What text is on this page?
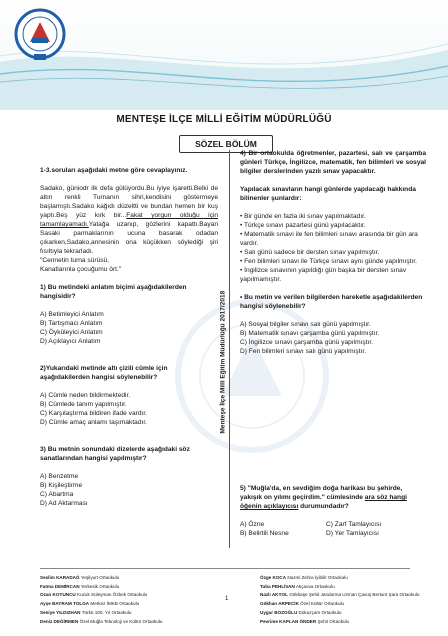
MENTEŞE İLÇE MİLLİ EĞİTİM MÜDÜRLÜĞÜ
SÖZEL BÖLÜM

1-3.soruları aşağıdaki metne göre cevaplayınız.

Sadako, güniodr ilk defa gülüyordu.Bu iyiye işaretti.Belki de altın renkli Turnanın sihri,kendisini göstermeye başlamıştı.Sadako kağıdı düzeltti ve bundan hemen bir kuş yaptı.Beş yüz kırk bir...Fakat yorgun olduğu için tamamlayamadı.Yatağa uzanıp, gözlerini kapattı.Bayan Sasaki parmaklarının ucuna basarak odadan çıkarken,Sadako,annesinin ona küçükken söylediği şiri fısıltıyla tekrarladı.

"Cennetin turna sürüsü,

Kanatlarınla çocuğumu ört."

1) Bu metindeki anlatım biçimi aşağıdakilerden hangisidir?

A) Betimleyici Anlatım
B) Tartışmacı Anlatım
C) Öyküleyici Anlatım
D) Açıklayıcı Anlatım

2)Yukarıdaki metinde altı çizili cümle için aşağıdakilerden hangisi söylenebilir?

A) Cümle neden bildirmektedir.
B) Cümlede tanım yapılmıştır.
C) Karşılaştırma bildiren ifade vardır.
D) Cümle amaç anlamı taşımaktadır.

3) Bu metnin sonundaki dizelerde aşağıdaki söz sanatlarından hangisi yapılmıştır?

A) Benzetme
B) Kişileştirme
C) Abartma
D) Ad Aktarması
Menteşe İlçe Milli Eğitim Müdürlüğü 2017/2018

4) Bir ortaokulda öğretmenler, pazartesi, salı ve çarşamba günleri Türkçe, İngilizce, matematik, fen bilimleri ve sosyal bilgiler derslerinden yazılı sınav yapacaktır.

Yapılacak sınavların hangi günlerde yapılacağı hakkında bilinenler şunlardır:

• Bir günde en fazla iki sınav yapılmaktadır.
• Türkçe sınavı pazartesi günü yapılacaktır.
• Matematik sınavı ile fen bilimleri sınavı arasında bir gün ara vardır.
• Salı günü sadece bir dersten sınav yapılmıştır.
• Fen bilimleri sınavı ile Türkçe sınavı aynı günde yapılmıştır.
• İngilizce sınavının yapıldığı gün başka bir dersten sınav yapılmamıştır.

• Bu metin ve verilen bilgilerden hareketle aşağıdakilerden hangisi söylenebilir?

A) Sosyal bilgiler sınavı salı günü yapılmıştır.
B) Matematik sınavı çarşamba günü yapılmıştır.
C) İngilizce sınavı çarşamba günü yapılmıştır.
D) Fen bilimleri sınavı salı günü yapılmıştır.

5) "Muğla'da, en sevdiğim doğa harikası bu şehirde, yakışık on yılımı geçirdim." cümlesinde ara söz hangi öğenin açıklayıcısı durumundadır?

A) Özne	C) Zarf Tamlayıcısı
B) Belirtili Nesne	D) Yer Tamlayıcısı
1
Seslim KARADAĞ Yeşilyurt Ortaokulu
Fatma DEMİRCAN Yerkesik Ortaokulu
Ozan KOYUNCU Kuzuk Süleyman Özbek Ortaokulu
Ayşe BAYRAM TOLGA Merkez İMKB Ortaokulu
Seniye YILDIZHAN Türkü 100. Yıl Ortaokulu
Deniz DEĞİRMEN Özel Muğla Teknoloji ve Kültür Ortaokulu
Özge KOCA Nazmi Zehra İyibilir Ortaokulu
Tuba PEHLİVAN Akçaova Ortaokulu
Nazlı AKYOL Gökbaşe Şehit Jandarma Uzman Çavuş Bertunt Şara Ortaokulu
Gökhan ARPECİK Özel Kültür Ortaokulu
Uygar BOZOĞLU Dokuzçam Ortaokulu
Pevrime KAPLAN ÖNDER Şehit Ortaokulu
